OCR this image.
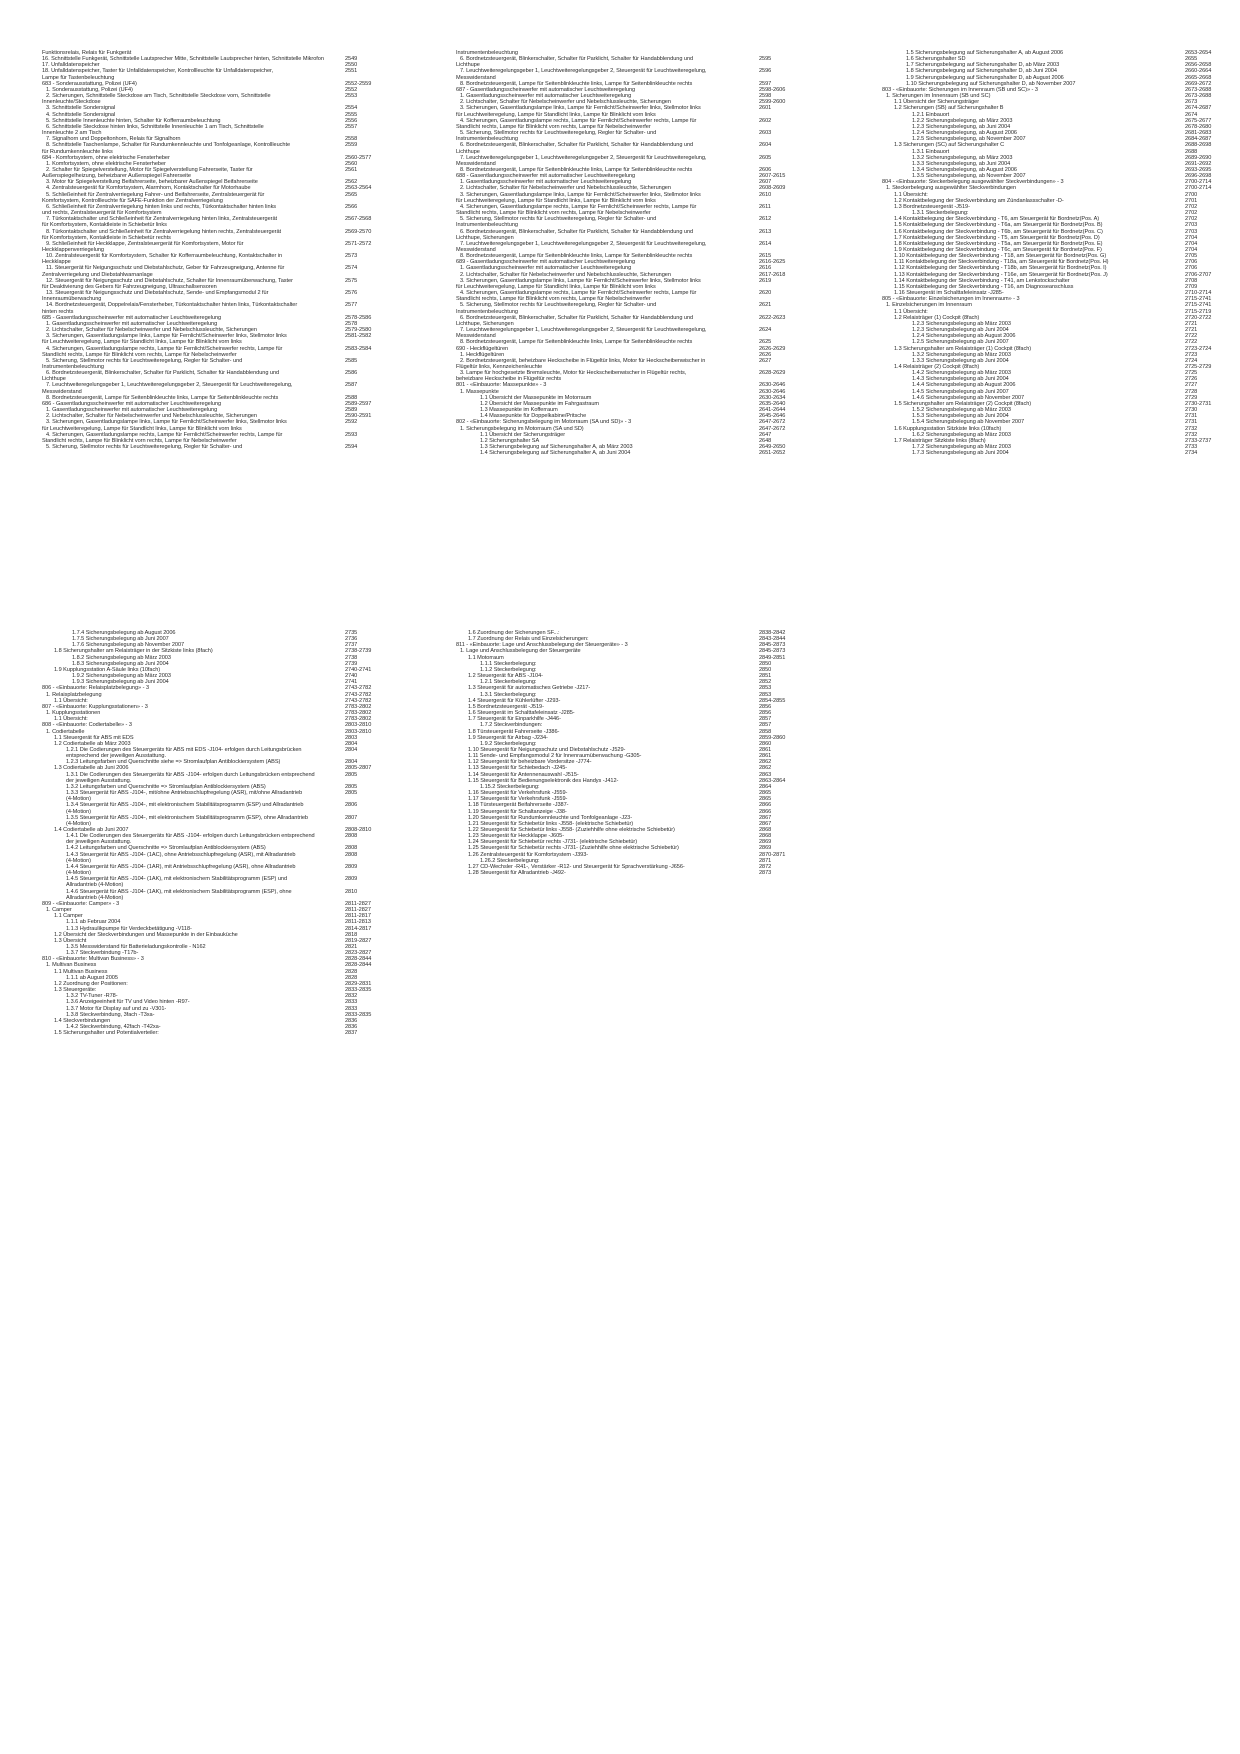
Funktionsrelais, Relais für Funkgerät
16. Schnittstelle Funkgerät, Schnittstelle Lautsprecher Mitte, Schnittstelle Lautsprecher hinten, Schnittstelle Mikrofon	2549
17. Unfalldatenspeicher	2550
18. Unfalldatenspeicher, Taster für Unfalldatenspeicher, Kontrollleuchte für Unfalldatenspeicher,	2551
Lampe für Tastenbeleuchtung
683 - Sonderausstattung, Polizei (UF4)	2552-2559
1. Sonderausstattung, Polizei (UF4)	2552
2. Sicherungen, Schnittstelle Steckdose am Tisch, Schnittstelle Steckdose vorn, Schnittstelle	2553
Innenleuchte/Steckdose
3. Schnittstelle Sondersignal	2554
4. Schnittstelle Sondersignal	2555
5. Schnittstelle Innenleuchte hinten, Schalter für Kofferraumbeleuchtung	2556
6. Schnittstelle Steckdose hinten links, Schnittstelle Innenleuchte 1 am Tisch, Schnittstelle	2557
Innenleuchte 2 am Tisch
7. Signalhorn und Doppeltonhorn, Relais für Signalhorn	2558
8. Schnittstelle Taschenlampe, Schalter für Rundumkennleuchte und Tonfolgeanlage, Kontrollleuchte	2559
für Rundumkennleuchte links
684 - Komfortsystem, ohne elektrische Fensterheber	2560-2577
1. Komfortsystem, ohne elektrische Fensterheber	2560
2. Schalter für Spiegelverstellung, Motor für Spiegelverstellung Fahrerseite, Taster für	2561
Außenspiegelheizung, beheizbarer Außenspiegel Fahrerseite
3. Motor für Spiegelverstellung Beifahrerseite, beheizbarer Außenspiegel Beifahrerseite	2562
4. Zentralsteuergerät für Komfortsystem, Alarmhorn, Kontaktschalter für Motorhaube	2563-2564
5. Schließeinheit für Zentralverriegelung Fahrer- und Beifahrerseite, Zentralsteuergerät für	2565
Komfortsystem, Kontrollleuchte für SAFE-Funktion der Zentralverriegelung
6. Schließeinheit für Zentralverriegelung hinten links und rechts, Türkontaktschalter hinten links	2566
und rechts, Zentralsteuergerät für Komfortsystem
7. Türkontaktschalter und Schließeinheit für Zentralverriegelung hinten links, Zentralsteuergerät	2567-2568
für Komfortsystem, Kontaktleiste in Schiebetür links
8. Türkontaktschalter und Schließeinheit für Zentralverriegelung hinten rechts, Zentralsteuergerät	2569-2570
für Komfortsystem, Kontaktleiste in Schiebetür rechts
9. Schließeinheit für Heckklappe, Zentralsteuergerät für Komfortsystem, Motor für	2571-2572
Heckklappenverriegelung
10. Zentralsteuergerät für Komfortsystem, Schalter für Kofferraumbeleuchtung, Kontaktschalter in	2573
Heckklappe
11. Steuergerät für Neigungsschutz und Diebstahlschutz, Geber für Fahrzeugneigung, Antenne für	2574
Zentralverriegelung und Diebstahlwarnanlage
12. Steuergerät für Neigungsschutz und Diebstahlschutz, Schalter für Innenraumüberwachung, Taster	2575
für Deaktivierung des Gebers für Fahrzeugneigung, Ultraschallsensoren
13. Steuergerät für Neigungsschutz und Diebstahlschutz, Sende- und Empfangsmodul 2 für	2576
Innenraumüberwachung
14. Bordnetzsteuergerät, Doppelrelais/Fensterheber, Türkontaktschalter hinten links, Türkontaktschalter	2577
hinten rechts
685 - Gasentladungsscheinwerfer mit automatischer Leuchtweiteregelung	2578-2586
1. Gasentladungsscheinwerfer mit automatischer Leuchtweiteregelung	2578
2. Lichtschalter, Schalter für Nebelscheinwerfer und Nebelschlussleuchte, Sicherungen	2579-2580
3. Sicherungen, Gasentladungslampe links, Lampe für Fernlicht/Scheinwerfer links, Stellmotor links	2581-2582
für Leuchtweiteregelung, Lampe für Standlicht links, Lampe für Blinklicht vorn links
4. Sicherungen, Gasentladungslampe rechts, Lampe für Fernlicht/Scheinwerfer rechts, Lampe für	2583-2584
Standlicht rechts, Lampe für Blinklicht vorn rechts, Lampe für Nebelscheinwerfer
5. Sicherung, Stellmotor rechts für Leuchtweiteregelung, Regler für Schalter- und	2585
Instrumentenbeleuchtung
6. Bordnetzsteuergerät, Blinkerschalter, Schalter für Parklicht, Schalter für Handabblendung und	2586
Lichthupe
7. Leuchtweiteregelungsgeber 1, Leuchtweiteregelungsgeber 2, Steuergerät für Leuchtweiteregelung,	2587
Messwiderstand
8. Bordnetzsteuergerät, Lampe für Seitenblinkleuchte links, Lampe für Seitenblinkleuchte rechts	2588
686 - Gasentladungsscheinwerfer mit automatischer Leuchtweiteregelung	2589-2597
1. Gasentladungsscheinwerfer mit automatischer Leuchtweiteregelung	2589
2. Lichtschalter, Schalter für Nebelscheinwerfer und Nebelschlussleuchte, Sicherungen	2590-2591
3. Sicherungen, Gasentladungslampe links, Lampe für Fernlicht/Scheinwerfer links, Stellmotor links	2592
für Leuchtweiteregelung, Lampe für Standlicht links, Lampe für Blinklicht vorn links
4. Sicherungen, Gasentladungslampe rechts, Lampe für Fernlicht/Scheinwerfer rechts, Lampe für	2593
Standlicht rechts, Lampe für Blinklicht vorn rechts, Lampe für Nebelscheinwerfer
5. Sicherung, Stellmotor rechts für Leuchtweiteregelung, Regler für Schalter- und	2594
Instrumentenbeleuchtung
6. Bordnetzsteuergerät, Blinkerschalter, Schalter für Parklicht, Schalter für Handabblendung und	2595
Lichthupe
7. Leuchtweiteregelungsgeber 1, Leuchtweiteregelungsgeber 2, Steuergerät für Leuchtweiteregelung,	2596
Messwiderstand
8. Bordnetzsteuergerät, Lampe für Seitenblinkleuchte links, Lampe für Seitenblinkleuchte rechts	2597
687 - Gasentladungsscheinwerfer mit automatischer Leuchtweiteregelung	2598-2606
1. Gasentladungsscheinwerfer mit automatischer Leuchtweiteregelung	2598
2. Lichtschalter, Schalter für Nebelscheinwerfer und Nebelschlussleuchte, Sicherungen	2599-2600
3. Sicherungen, Gasentladungslampe links, Lampe für Fernlicht/Scheinwerfer links, Stellmotor links	2601
für Leuchtweiteregelung, Lampe für Standlicht links, Lampe für Blinklicht vorn links
4. Sicherungen, Gasentladungslampe rechts, Lampe für Fernlicht/Scheinwerfer rechts, Lampe für	2602
Standlicht rechts, Lampe für Blinklicht vorn rechts, Lampe für Nebelscheinwerfer
5. Sicherung, Stellmotor rechts für Leuchtweiteregelung, Regler für Schalter- und	2603
Instrumentenbeleuchtung
6. Bordnetzsteuergerät, Blinkerschalter, Schalter für Parklicht, Schalter für Handabblendung und	2604
Lichthupe
7. Leuchtweiteregelungsgeber 1, Leuchtweiteregelungsgeber 2, Steuergerät für Leuchtweiteregelung,	2605
Messwiderstand
8. Bordnetzsteuergerät, Lampe für Seitenblinkleuchte links, Lampe für Seitenblinkleuchte rechts	2606
688 - Gasentladungsscheinwerfer mit automatischer Leuchtweiteregelung	2607-2615
1. Gasentladungsscheinwerfer mit automatischer Leuchtweiteregelung	2607
2. Lichtschalter, Schalter für Nebelscheinwerfer und Nebelschlussleuchte, Sicherungen	2608-2609
3. Sicherungen, Gasentladungslampe links, Lampe für Fernlicht/Scheinwerfer links, Stellmotor links	2610
für Leuchtweiteregelung, Lampe für Standlicht links, Lampe für Blinklicht vorn links
4. Sicherungen, Gasentladungslampe rechts, Lampe für Fernlicht/Scheinwerfer rechts, Lampe für	2611
Standlicht rechts, Lampe für Blinklicht vorn rechts, Lampe für Nebelscheinwerfer
5. Sicherung, Stellmotor rechts für Leuchtweiteregelung, Regler für Schalter- und	2612
Instrumentenbeleuchtung
6. Bordnetzsteuergerät, Blinkerschalter, Schalter für Parklicht, Schalter für Handabblendung und	2613
Lichthupe, Sicherungen
7. Leuchtweiteregelungsgeber 1, Leuchtweiteregelungsgeber 2, Steuergerät für Leuchtweiteregelung,	2614
Messwiderstand
8. Bordnetzsteuergerät, Lampe für Seitenblinkleuchte links, Lampe für Seitenblinkleuchte rechts	2615
689 - Gasentladungsscheinwerfer mit automatischer Leuchtweiteregelung	2616-2625
1. Gasentladungsscheinwerfer mit automatischer Leuchtweiteregelung	2616
2. Lichtschalter, Schalter für Nebelscheinwerfer und Nebelschlussleuchte, Sicherungen	2617-2618
3. Sicherungen, Gasentladungslampe links, Lampe für Fernlicht/Scheinwerfer links, Stellmotor links	2619
für Leuchtweiteregelung, Lampe für Standlicht links, Lampe für Blinklicht vorn links
4. Sicherungen, Gasentladungslampe rechts, Lampe für Fernlicht/Scheinwerfer rechts, Lampe für	2620
Standlicht rechts, Lampe für Blinklicht vorn rechts, Lampe für Nebelscheinwerfer
5. Sicherung, Stellmotor rechts für Leuchtweiteregelung, Regler für Schalter- und	2621
Instrumentenbeleuchtung
6. Bordnetzsteuergerät, Blinkerschalter, Schalter für Parklicht, Schalter für Handabblendung und	2622-2623
Lichthupe, Sicherungen
7. Leuchtweiteregelungsgeber 1, Leuchtweiteregelungsgeber 2, Steuergerät für Leuchtweiteregelung,	2624
Messwiderstand
8. Bordnetzsteuergerät, Lampe für Seitenblinkleuchte links, Lampe für Seitenblinkleuchte rechts	2625
690 - Heckflügeltüren	2626-2629
1. Heckflügeltüren	2626
2. Bordnetzsteuergerät, beheizbare Heckscheibe in Flügeltür links, Motor für Heckscheibenwischer in	2627
Flügeltür links, Kennzeichenleuchte
3. Lampe für hochgesetzte Bremsleuchte, Motor für Heckscheibenwischer in Flügeltür rechts,	2628-2629
beheizbare Heckscheibe in Flügeltür rechts
801 - «Einbauorte: Massepunkte» - 3	2630-2646
1. Massepunkte	2630-2646
1.1 Übersicht der Massepunkte im Motorraum	2630-2634
1.2 Übersicht der Massepunkte im Fahrgastraum	2635-2640
1.3 Massepunkte im Kofferraum	2641-2644
1.4 Massepunkte für Doppelkabine/Pritsche	2645-2646
802 - «Einbauorte: Sicherungsbelegung im Motorraum (SA und SD)» - 3	2647-2672
1. Sicherungsbelegung im Motorraum (SA und SD)	2647-2672
1.1 Übersicht der Sicherungsträger	2647
1.2 Sicherungshalter SA	2648
1.3 Sicherungsbelegung auf Sicherungshalter A, ab März 2003	2649-2650
1.4 Sicherungsbelegung auf Sicherungshalter A, ab Juni 2004	2651-2652
1.5 Sicherungsbelegung auf Sicherungshalter A, ab August 2006	2653-2654
1.6 Sicherungshalter SD	2655
1.7 Sicherungsbelegung auf Sicherungshalter D, ab März 2003	2656-2658
1.8 Sicherungsbelegung auf Sicherungshalter D, ab Juni 2004	2660-2664
1.9 Sicherungsbelegung auf Sicherungshalter D, ab August 2006	2665-2668
1.10 Sicherungsbelegung auf Sicherungshalter D, ab November 2007	2669-2672
803 - «Einbauorte: Sicherungen im Innenraum (SB und SC)» - 3	2673-2688
1. Sicherungen im Innenraum (SB und SC)	2673-2688
1.1 Übersicht der Sicherungsträger	2673
1.2 Sicherungen (SB) auf Sicherungshalter B	2674-2687
1.2.1 Einbauort	2674
1.2.2 Sicherungsbelegung, ab März 2003	2675-2677
1.2.3 Sicherungsbelegung, ab Juni 2004	2678-2680
1.2.4 Sicherungsbelegung, ab August 2006	2681-2683
1.2.5 Sicherungsbelegung, ab November 2007	2684-2687
1.3 Sicherungen (SC) auf Sicherungshalter C	2688-2698
1.3.1 Einbauort	2688
1.3.2 Sicherungsbelegung, ab März 2003	2689-2690
1.3.3 Sicherungsbelegung, ab Juni 2004	2691-2692
1.3.4 Sicherungsbelegung, ab August 2006	2693-2695
1.3.5 Sicherungsbelegung, ab November 2007	2696-2698
804 - «Einbauorte: Steckerbelegung ausgewählter Steckverbindungen» - 3	2700-2714
1. Steckerbelegung ausgewählter Steckverbindungen	2700-2714
1.1 Übersicht:	2700
1.2 Kontaktbelegung der Steckverbindung am Zündanlassschalter -D-	2701
1.3 Bordnetzsteuergerät -J519-	2702
1.3.1 Steckerbelegung:	2702
1.4 Kontaktbelegung der Steckverbindung - T6, am Steuergerät für Bordnetz(Pos. A)	2702
1.5 Kontaktbelegung der Steckverbindung - T6a, am Steuergerät für Bordnetz(Pos. B)	2703
1.6 Kontaktbelegung der Steckverbindung - T6b, am Steuergerät für Bordnetz(Pos. C)	2703
1.7 Kontaktbelegung der Steckverbindung - T5, am Steuergerät für Bordnetz(Pos. D)	2704
1.8 Kontaktbelegung der Steckverbindung - T5a, am Steuergerät für Bordnetz(Pos. E)	2704
1.9 Kontaktbelegung der Steckverbindung - T6c, am Steuergerät für Bordnetz(Pos. F)	2704
1.10 Kontaktbelegung der Steckverbindung - T18, am Steuergerät für Bordnetz(Pos. G)	2705
1.11 Kontaktbelegung der Steckverbindung - T18a, am Steuergerät für Bordnetz(Pos. H)	2706
1.12 Kontaktbelegung der Steckverbindung - T18b, am Steuergerät für Bordnetz(Pos. I)	2706
1.13 Kontaktbelegung der Steckverbindung - T16e, am Steuergerät für Bordnetz(Pos. J)	2706-2707
1.14 Kontaktbelegung der Steckverbindung - T41, am Lenkstockschalter	2708
1.15 Kontaktbelegung der Steckverbindung - T16, am Diagnoseanschluss	2709
1.16 Steuergerät im Schalttafeleinsatz -J285-	2710-2714
805 - «Einbauorte: Einzelsicherungen im Innenraum» - 3	2715-2741
1. Einzelsicherungen im Innenraum	2715-2741
1.1 Übersicht:	2715-2719
1.2 Relaisträger (1) Cockpit (8fach)	2720-2722
1.2.3 Sicherungsbelegung ab März 2003	2721
1.2.3 Sicherungsbelegung ab Juni 2004	2721
1.2.4 Sicherungsbelegung ab August 2006	2722
1.2.5 Sicherungsbelegung ab Juni 2007	2722
1.3 Sicherungshalter am Relaisträger (1) Cockpit (8fach)	2723-2724
1.3.2 Sicherungsbelegung ab März 2003	2723
1.3.3 Sicherungsbelegung ab Juni 2004	2724
1.4 Relaisträger (2) Cockpit (8fach)	2725-2729
1.4.2 Sicherungsbelegung ab März 2003	2725
1.4.3 Sicherungsbelegung ab Juni 2004	2726
1.4.4 Sicherungsbelegung ab August 2006	2727
1.4.5 Sicherungsbelegung ab Juni 2007	2728
1.4.6 Sicherungsbelegung ab November 2007	2729
1.5 Sicherungshalter am Relaisträger (2) Cockpit (8fach)	2730-2731
1.5.2 Sicherungsbelegung ab März 2003	2730
1.5.3 Sicherungsbelegung ab Juni 2004	2731
1.5.4 Sicherungsbelegung ab November 2007	2731
1.6 Kupplungsstation Sitzkiste links (10fach)	2732
1.6.2 Sicherungsbelegung ab März 2003	2732
1.7 Relaisträger Sitzkiste links (8fach)	2733-2737
1.7.2 Sicherungsbelegung ab März 2003	2733
1.7.3 Sicherungsbelegung ab Juni 2004	2734
1.7.4 Sicherungsbelegung ab August 2006	2735
1.7.5 Sicherungsbelegung ab Juni 2007	2736
1.7.6 Sicherungsbelegung ab November 2007	2737
1.8 Sicherungshalter am Relaisträger in der Sitzkiste links (8fach)	2738-2739
1.8.2 Sicherungsbelegung ab März 2003	2738
1.8.3 Sicherungsbelegung ab Juni 2004	2739
1.9 Kupplungsstation A-Säule links (10fach)	2740-2741
1.9.2 Sicherungsbelegung ab März 2003	2740
1.9.3 Sicherungsbelegung ab Juni 2004	2741
806 - «Einbauorte: Relaisplatzbelegung» - 3	2743-2782
1. Relaisplatzbelegung	2743-2782
1.1 Übersicht:	2743-2782
807 - «Einbauorte: Kupplungsstationen» - 3	2783-2802
1. Kupplungsstationen	2783-2802
1.1 Übersicht:	2783-2802
808 - «Einbauorte: Codiertabelle» - 3	2803-2810
1. Codiertabelle	2803-2810
1.1 Steuergerät für ABS mit EDS	2803
1.2 Codiertabelle ab März 2003	2804
1.2.1 Die Codierungen des Steuergeräts für ABS mit EDS -J104- erfolgen durch Leitungsbrücken	2804
entsprechend der jeweiligen Ausstattung.
1.2.3 Leitungsfarben und Querschnitte siehe => Stromlaufplan Antiblockiersystem (ABS)	2804
1.3 Codiertabelle ab Juni 2006	2805-2807
1.3.1 Die Codierungen des Steuergeräts für ABS -J104- erfolgen durch Leitungsbrücken entsprechend	2805
der jeweiligen Ausstattung.
1.3.2 Leitungsfarben und Querschnitte => Stromlaufplan Antiblockiersystem (ABS)	2805
1.3.3 Steuergerät für ABS -J104-, mit/ohne Antriebsschlupfregelung (ASR), mit/ohne Allradantrieb	2805
(4-Motion)
1.3.4 Steuergerät für ABS -J104-, mit elektronischem Stabilitätsprogramm (ESP) und Allradantrieb	2806
(4-Motion)
1.3.5 Steuergerät für ABS -J104-, mit elektronischem Stabilitätsprogramm (ESP), ohne Allradantrieb	2807
(4-Motion)
1.4 Codiertabelle ab Juni 2007	2808-2810
1.4.1 Die Codierungen des Steuergeräts für ABS -J104- erfolgen durch Leitungsbrücken entsprechend	2808
der jeweiligen Ausstattung.
1.4.2 Leitungsfarben und Querschnitte => Stromlaufplan Antiblockiersystem (ABS)	2808
1.4.3 Steuergerät für ABS -J104- (1AC), ohne Antriebsschlupfregelung (ASR), mit Allradantrieb	2808
(4-Motion)
1.4.4 Steuergerät für ABS -J104- (1AR), mit Antriebsschlupfregelung (ASR), ohne Allradantrieb	2809
(4-Motion)
1.4.5 Steuergerät für ABS -J104- (1AK), mit elektronischem Stabilitätsprogramm (ESP) und	2809
Allradantrieb (4-Motion)
1.4.6 Steuergerät für ABS -J104- (1AK), mit elektronischem Stabilitätsprogramm (ESP), ohne	2810
Allradantrieb (4-Motion)
809 - «Einbauorte: Camper» - 3	2811-2827
1. Camper	2811-2827
1.1 Camper	2811-2817
1.1.1 ab Februar 2004	2811-2813
1.1.3 Hydraulikpumpe für Verdeckbetätigung -V118-	2814-2817
1.2 Übersicht der Steckverbindungen und Massepunkte in der Einbauküche	2818
1.3 Übersicht	2819-2827
1.3.5 Messwiderstand für Batterieladungskontrolle - N162	2821
1.3.7 Steckverbindung -T17b-	2823-2827
810 - «Einbauorte: Multivan Business» - 3	2828-2844
1. Multivan Business	2828-2844
1.1 Multivan Business	2828
1.1.1 ab August 2005	2828
1.2 Zuordnung der Positionen:	2829-2831
1.3 Steuergeräte:	2833-2835
1.3.2 TV-Tuner -R78-	2832
1.3.6 Anzeigeeinheit für TV und Video hinten -R97-	2833
1.3.7 Motor für Display auf und zu -V301-	2833
1.3.8 Steckverbindung, 3fach -T3xa-	2833-2835
1.4 Steckverbindungen	2836
1.4.2 Steckverbindung, 42fach -T42xa-	2836
1.5 Sicherungshalter und Potentialverteiler:	2837
1.6 Zuordnung der Sicherungen SF...:	2838-2842
1.7 Zuordnung der Relais und Einzelsicherungen:	2843-2844
811 - «Einbauorte: Lage und Anschlussbelegung der Steuergeräte» - 3	2845-2873
1. Lage und Anschlussbelegung der Steuergeräte	2845-2873
1.1 Motorraum	2849-2851
1.1.1 Steckerbelegung:	2850
1.1.2 Steckerbelegung:	2850
1.2 Steuergerät für ABS -J104-	2851
1.2.1 Steckerbelegung:	2852
1.3 Steuergerät für automatisches Getriebe -J217-	2853
1.3.1 Steckerbelegung:	2853
1.4 Steuergerät für Kühlerlüfter -J293-	2854-2855
1.5 Bordnetzsteuergerät -J519-	2856
1.6 Steuergerät im Schalttafeleinsatz -J285-	2856
1.7 Steuergerät für Einparkhilfe -J446-	2857
1.7.2 Steckverbindungen:	2857
1.8 Türsteuergerät Fahrerseite -J386-	2858
1.9 Steuergerät für Airbag -J234-	2859-2860
1.9.2 Steckerbelegung:	2860
1.10 Steuergerät für Neigungsschutz und Diebstahlschutz -J529-	2861
1.11 Sende- und Empfangsmodul 2 für Innenraumüberwachung -G305-	2861
1.12 Steuergerät für beheizbare Vordersitze -J774-	2862
1.13 Steuergerät für Schiebedach -J245-	2862
1.14 Steuergerät für Antennenauswahl -J515-	2863
1.15 Steuergerät für Bedienungselektronik des Handys -J412-	2863-2864
1.15.2 Steckerbelegung:	2864
1.16 Steuergerät für Verkehrsfunk -J559-	2865
1.17 Steuergerät für Verkehrsfunk -J559-	2865
1.18 Türsteuergerät Beifahrerseite -J387-	2866
1.19 Steuergerät für Schaltanzeige -J38-	2866
1.20 Steuergerät für Rundumkennleuchte und Tonfolgeanlage -J23-	2867
1.21 Steuergerät für Schiebetür links -J558- (elektrische Schiebetür)	2867
1.22 Steuergerät für Schiebetür links -J558- (Zuziehhilfe ohne elektrische Schiebetür)	2868
1.23 Steuergerät für Heckklappe -J605-	2868
1.24 Steuergerät für Schiebetür rechts -J731- (elektrische Schiebetür)	2869
1.25 Steuergerät für Schiebetür rechts -J731- (Zuziehhilfe ohne elektrische Schiebetür)	2869
1.26 Zentralsteuergerät für Komfortsystem -J393-	2870-2871
1.26.2 Steckerbelegung:	2871
1.27 CD-Wechsler -R41-, Verstärker -R12- und Steuergerät für Sprachverstärkung -J656-	2872
1.28 Steuergerät für Allradantrieb -J492-	2873
